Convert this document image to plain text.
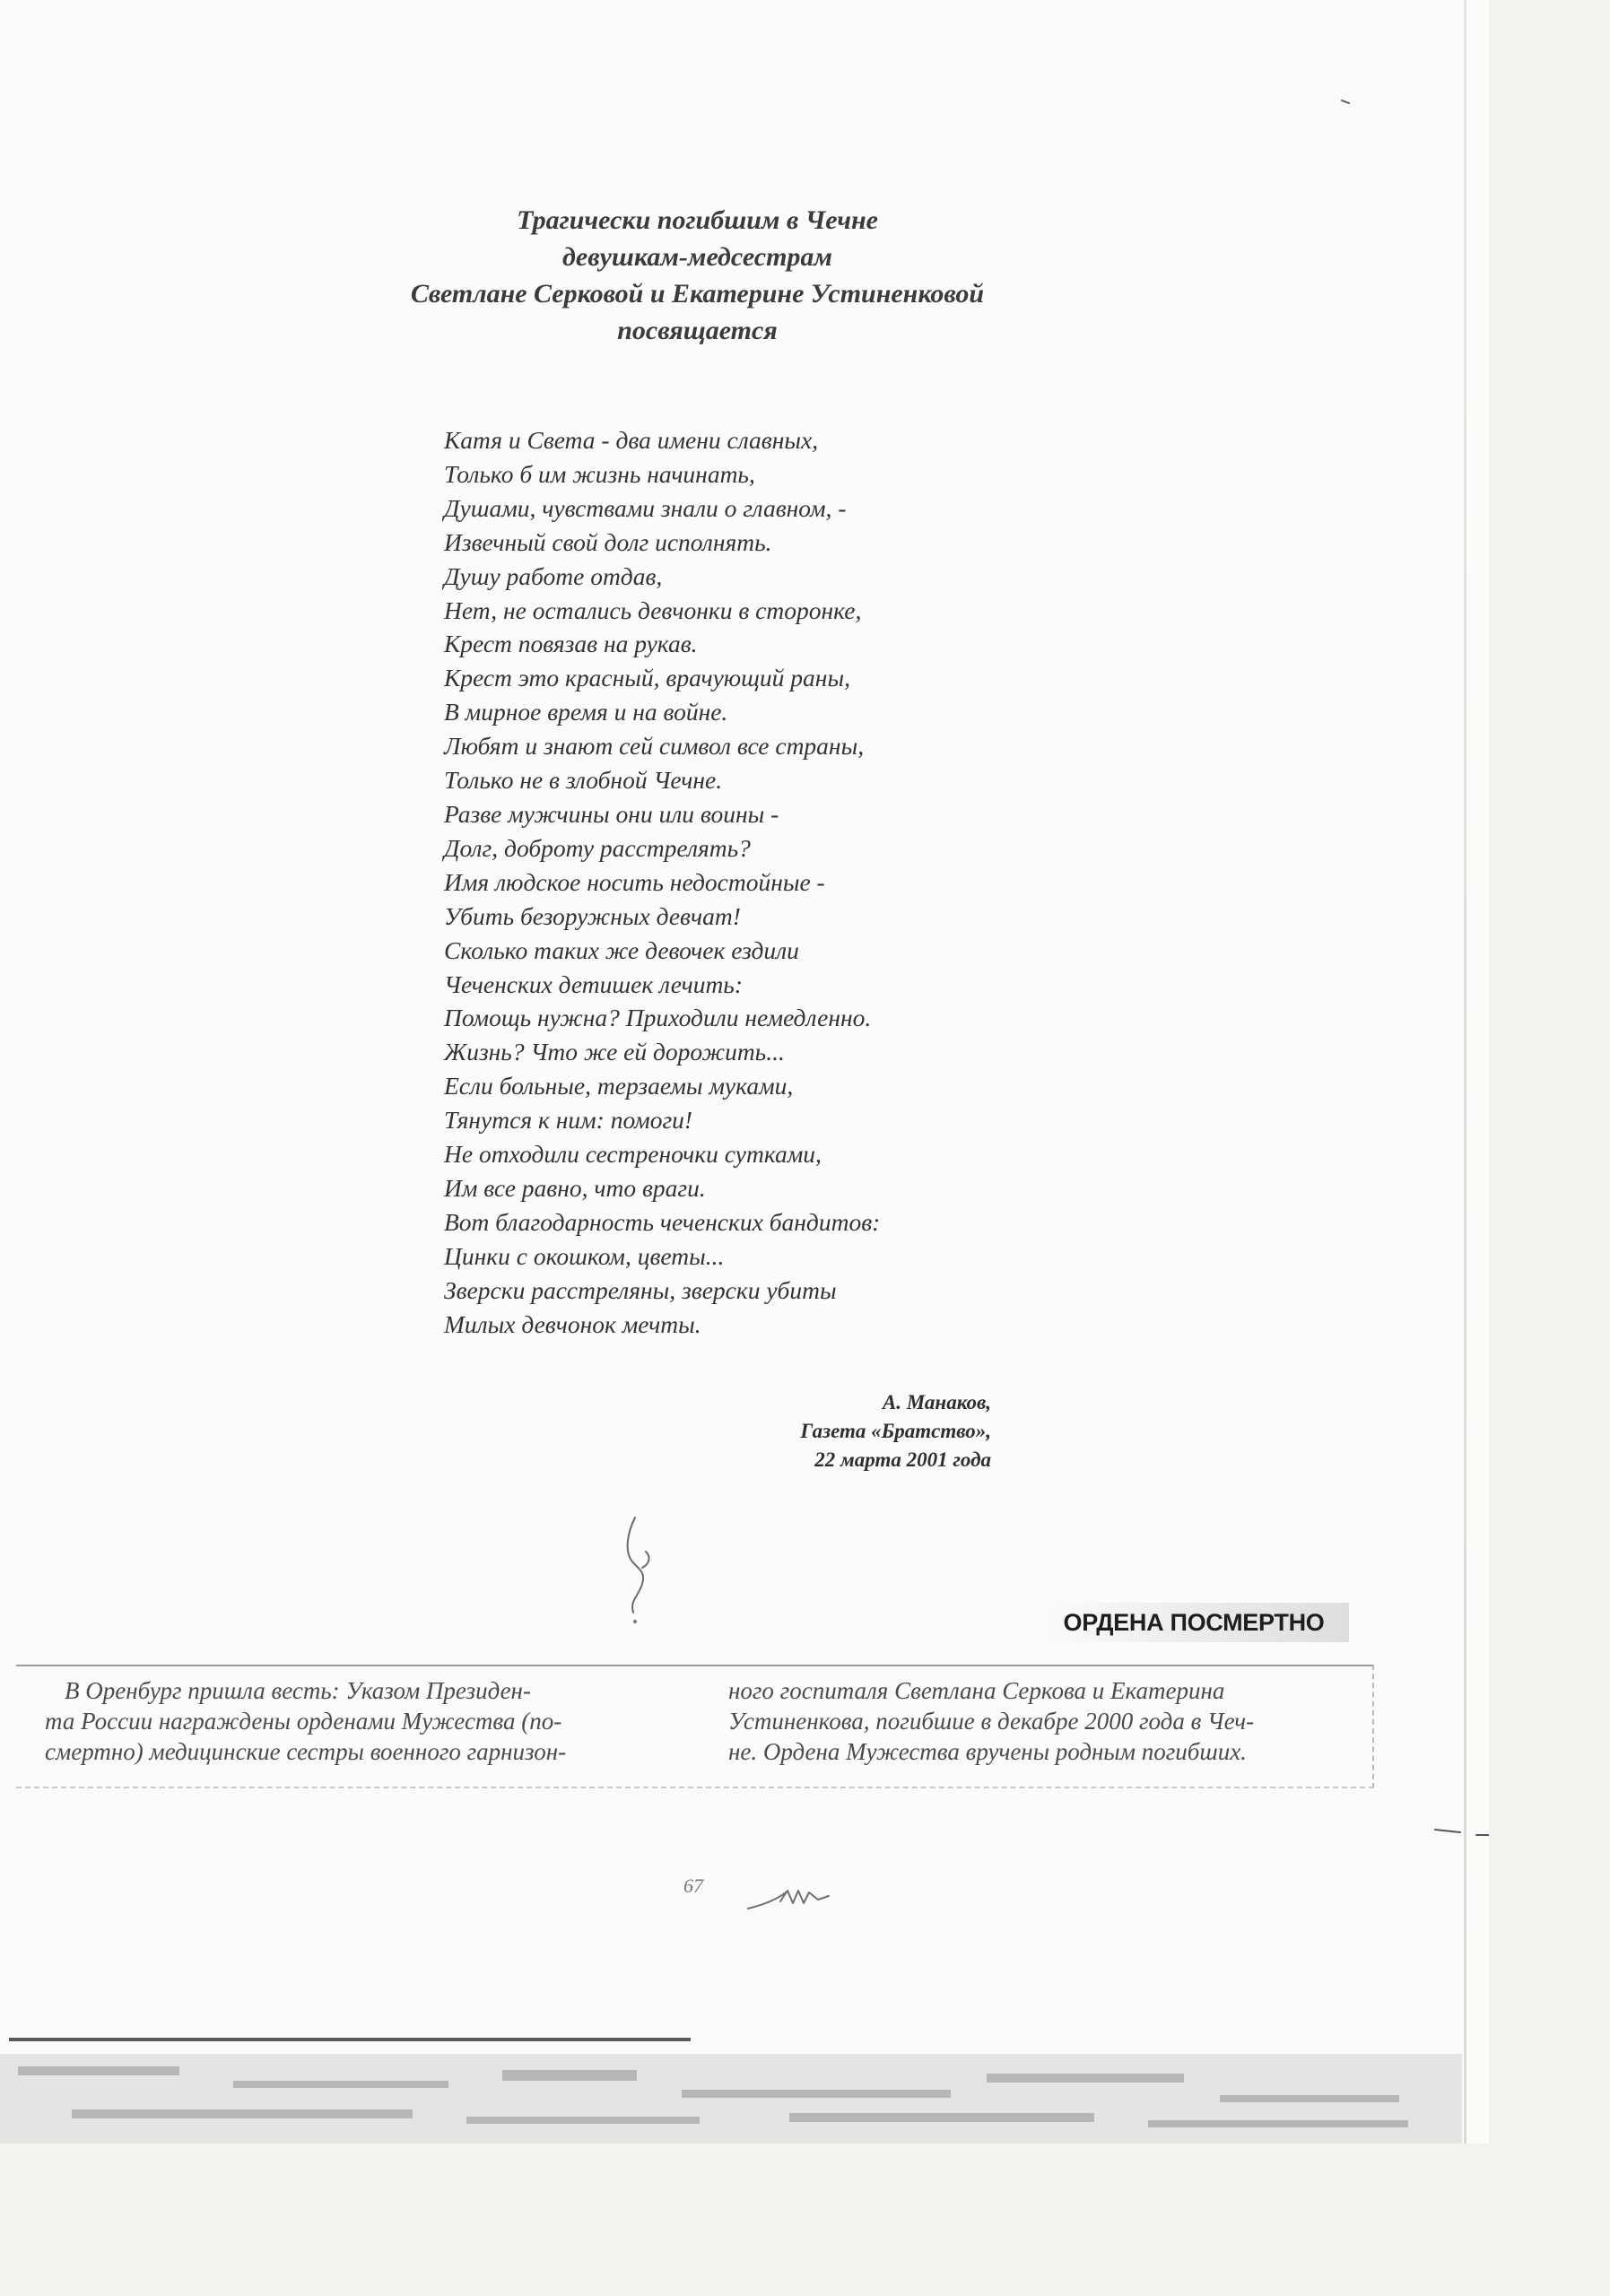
Трагически погибшим в Чечне
девушкам-медсестрам
Светлане Серковой и Екатерине Устиненковой
посвящается
Катя и Света - два имени славных,
Только б им жизнь начинать,
Душами, чувствами знали о главном, -
Извечный свой долг исполнять.
Душу работе отдав,
Нет, не остались девчонки в сторонке,
Крест повязав на рукав.
Крест это красный, врачующий раны,
В мирное время и на войне.
Любят и знают сей символ все страны,
Только не в злобной Чечне.
Разве мужчины они или воины -
Долг, доброту расстрелять?
Имя людское носить недостойные -
Убить безоружных девчат!
Сколько таких же девочек ездили
Чеченских детишек лечить:
Помощь нужна? Приходили немедленно.
Жизнь? Что же ей дорожить...
Если больные, терзаемы муками,
Тянутся к ним: помоги!
Не отходили сестреночки сутками,
Им все равно, что враги.
Вот благодарность чеченских бандитов:
Цинки с окошком, цветы...
Зверски расстреляны, зверски убиты
Милых девчонок мечты.
А. Манаков,
Газета «Братство»,
22 марта 2001 года
ОРДЕНА ПОСМЕРТНО
В Оренбург пришла весть: Указом Президен-
та России награждены орденами Мужества (по-
смертно) медицинские сестры военного гарнизон-
ного госпиталя Светлана Серкова и Екатерина
Устиненкова, погибшие в декабре 2000 года в Чеч-
не. Ордена Мужества вручены родным погибших.
67
